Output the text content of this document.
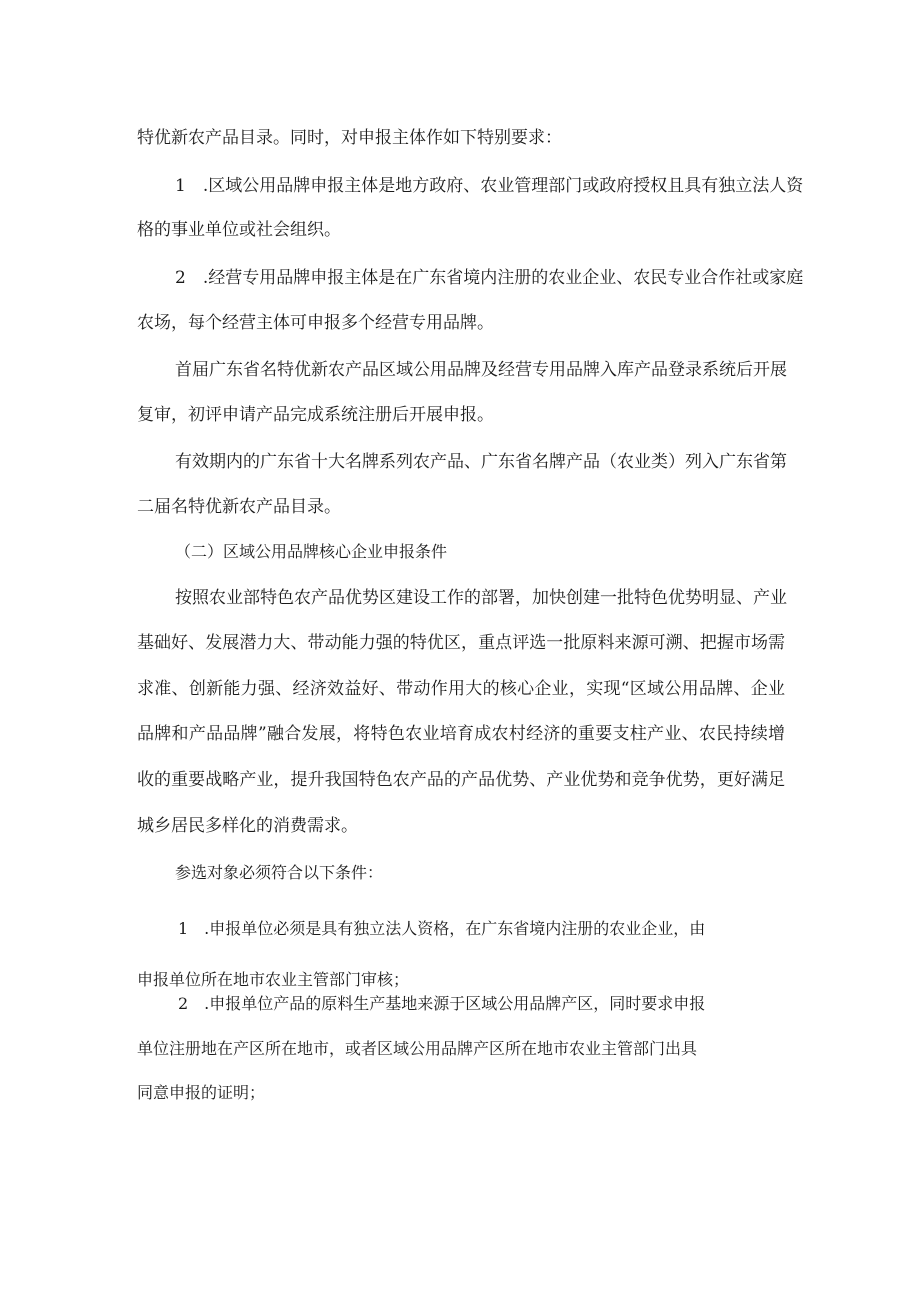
特优新农产品目录。同时，对申报主体作如下特别要求：
1　.区域公用品牌申报主体是地方政府、农业管理部门或政府授权且具有独立法人资
格的事业单位或社会组织。
2　.经营专用品牌申报主体是在广东省境内注册的农业企业、农民专业合作社或家庭
农场，每个经营主体可申报多个经营专用品牌。
首届广东省名特优新农产品区域公用品牌及经营专用品牌入库产品登录系统后开展
复审，初评申请产品完成系统注册后开展申报。
有效期内的广东省十大名牌系列农产品、广东省名牌产品（农业类）列入广东省第
二届名特优新农产品目录。
（二）区域公用品牌核心企业申报条件
按照农业部特色农产品优势区建设工作的部署，加快创建一批特色优势明显、产业
基础好、发展潜力大、带动能力强的特优区，重点评选一批原料来源可溯、把握市场需
求准、创新能力强、经济效益好、带动作用大的核心企业，实现“区域公用品牌、企业
品牌和产品品牌”融合发展，将特色农业培育成农村经济的重要支柱产业、农民持续增
收的重要战略产业，提升我国特色农产品的产品优势、产业优势和竞争优势，更好满足
城乡居民多样化的消费需求。
参选对象必须符合以下条件：
1　.申报单位必须是具有独立法人资格，在广东省境内注册的农业企业，由
申报单位所在地市农业主管部门审核；
2　.申报单位产品的原料生产基地来源于区域公用品牌产区，同时要求申报
单位注册地在产区所在地市，或者区域公用品牌产区所在地市农业主管部门出具
同意申报的证明；
